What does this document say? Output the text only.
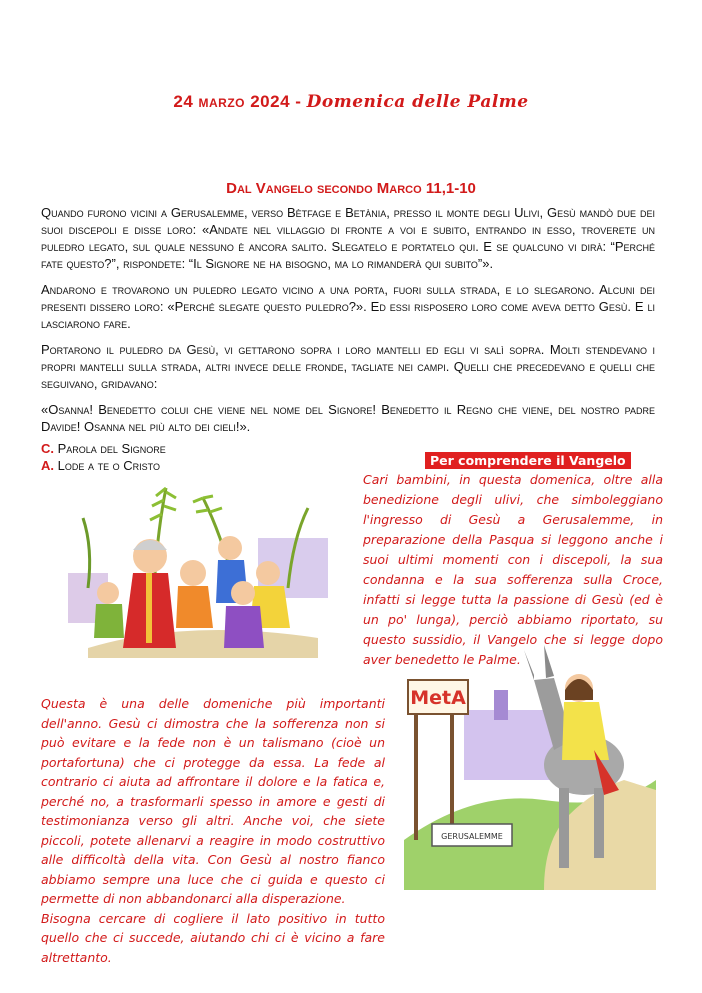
24 marzo 2024 - Domenica delle Palme
Dal Vangelo secondo Marco 11,1-10

Quando furono vicini a Gerusalemme, verso Bètfage e Betània, presso il monte degli Ulivi, Gesù mandò due dei suoi discepoli e disse loro: «Andate nel villaggio di fronte a voi e subito, entrando in esso, troverete un puledro legato, sul quale nessuno è ancora salito. Slegatelo e portatelo qui. E se qualcuno vi dirà: “Perché fate questo?”, rispondete: “Il Signore ne ha bisogno, ma lo rimanderà qui subito”».

Andarono e trovarono un puledro legato vicino a una porta, fuori sulla strada, e lo slegarono. Alcuni dei presenti dissero loro: «Perché slegate questo puledro?». Ed essi risposero loro come aveva detto Gesù. E li lasciarono fare.

Portarono il puledro da Gesù, vi gettarono sopra i loro mantelli ed egli vi salì sopra. Molti stendevano i propri mantelli sulla strada, altri invece delle fronde, tagliate nei campi. Quelli che precedevano e quelli che seguivano, gridavano:

«Osanna! Benedetto colui che viene nel nome del Signore! Benedetto il Regno che viene, del nostro padre Davide! Osanna nel più alto dei cieli!».

C. Parola del Signore
A. Lode a te o Cristo	Per comprendere il Vangelo
Cari bambini, in questa domenica, oltre alla benedizione degli ulivi, che simboleggiano l'ingresso di Gesù a Gerusalemme, in preparazione della Pasqua si leggono anche i suoi ultimi momenti con i discepoli, la sua condanna e la sua sofferenza sulla Croce, infatti si legge tutta la passione di Gesù (ed è un po' lunga), perciò abbiamo riportato, su questo sussidio, il Vangelo che si legge dopo aver benedetto le Palme.
MetA
GERUSALEMME

Questa è una delle domeniche più importanti dell'anno. Gesù ci dimostra che la sofferenza non si può evitare e la fede non è un talismano (cioè un portafortuna) che ci protegge da essa. La fede al contrario ci aiuta ad affrontare il dolore e la fatica e, perché no, a trasformarli spesso in amore e gesti di testimonianza verso gli altri. Anche voi, che siete piccoli, potete allenarvi a reagire in modo costruttivo alle difficoltà della vita. Con Gesù al nostro fianco abbiamo sempre una luce che ci guida e questo ci permette di non abbandonarci alla disperazione.

Bisogna cercare di cogliere il lato positivo in tutto quello che ci succede, aiutando chi ci è vicino a fare altrettanto.
